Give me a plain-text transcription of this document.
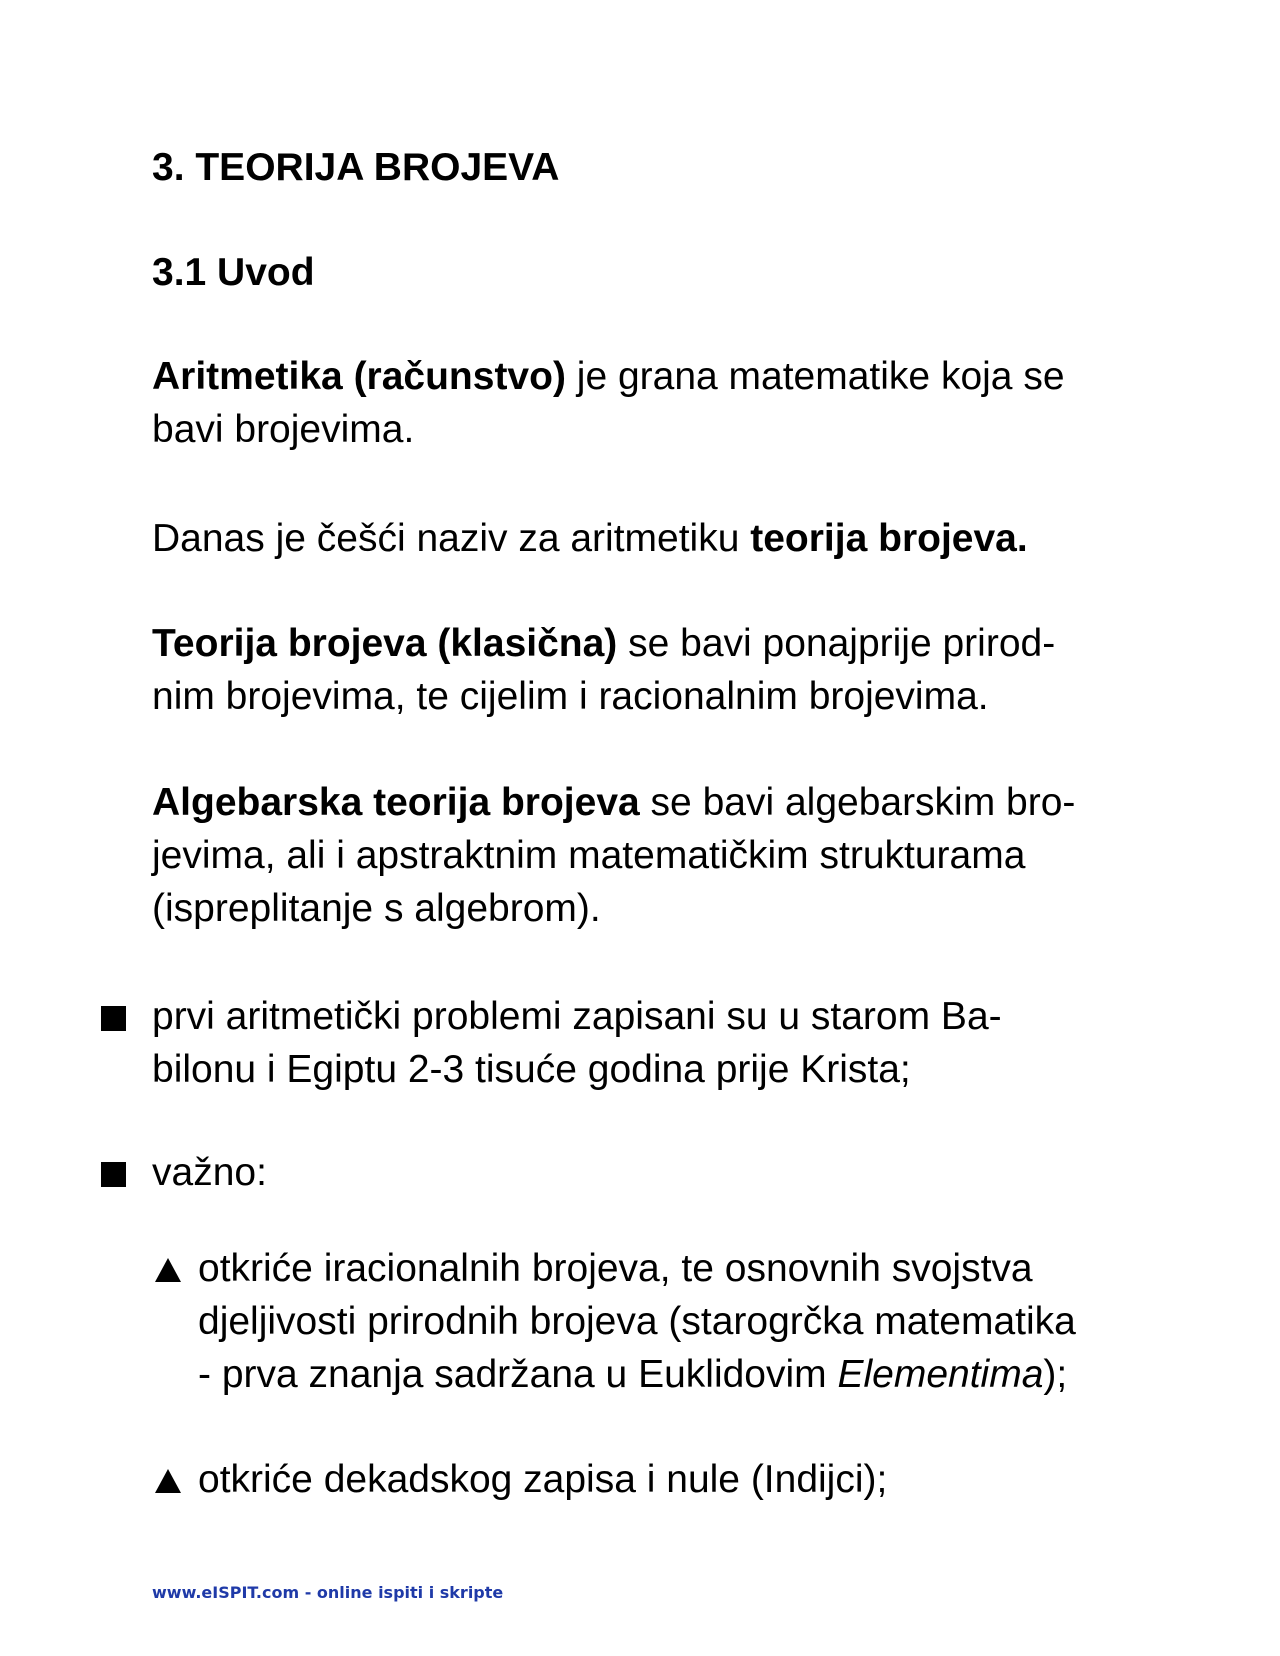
3. TEORIJA BROJEVA
3.1 Uvod
Aritmetika (računstvo) je grana matematike koja se
bavi brojevima.
Danas je češći naziv za aritmetiku teorija brojeva.
Teorija brojeva (klasična) se bavi ponajprije prirod-
nim brojevima, te cijelim i racionalnim brojevima.
Algebarska teorija brojeva se bavi algebarskim bro-
jevima, ali i apstraktnim matematičkim strukturama
(ispreplitanje s algebrom).
prvi aritmetički problemi zapisani su u starom Ba-
bilonu i Egiptu 2-3 tisuće godina prije Krista;
važno:
otkriće iracionalnih brojeva, te osnovnih svojstva
djeljivosti prirodnih brojeva (starogrčka matematika
- prva znanja sadržana u Euklidovim Elementima);
otkriće dekadskog zapisa i nule (Indijci);
www.eISPIT.com - online ispiti i skripte
